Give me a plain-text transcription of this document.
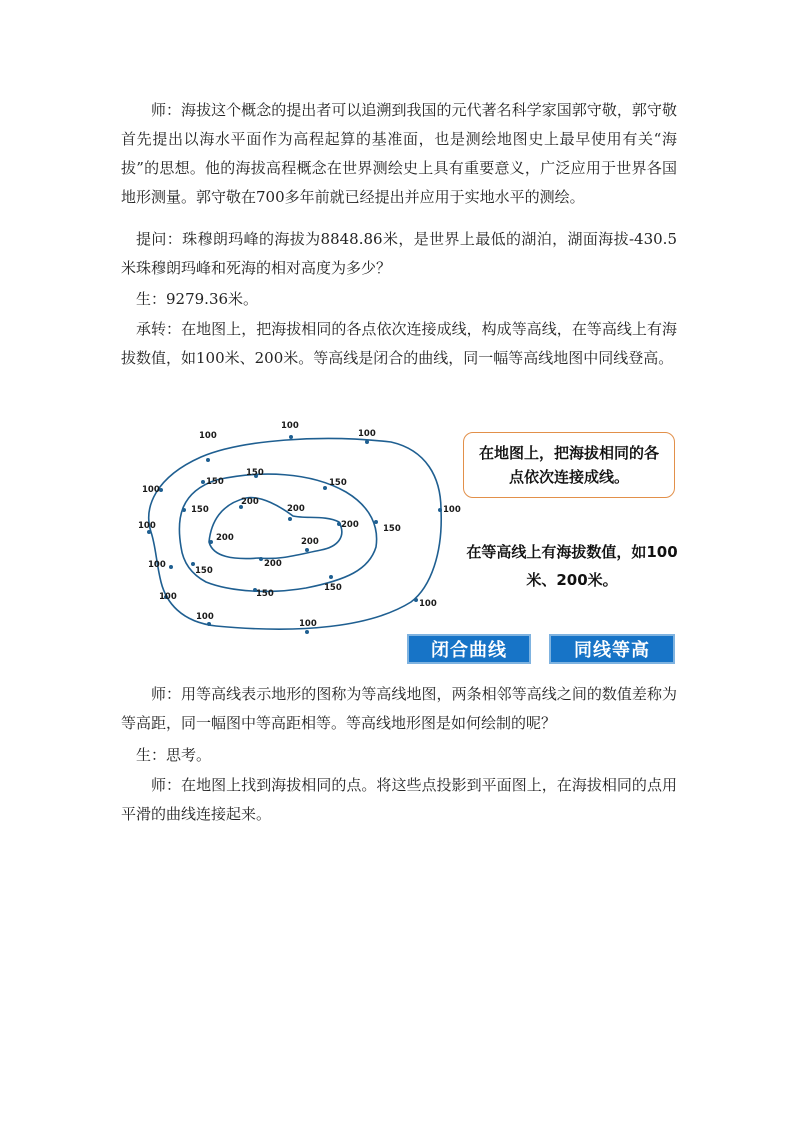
师：海拔这个概念的提出者可以追溯到我国的元代著名科学家国郭守敬，郭守敬首先提出以海水平面作为高程起算的基准面，也是测绘地图史上最早使用有关“海拔”的思想。他的海拔高程概念在世界测绘史上具有重要意义，广泛应用于世界各国地形测量。郭守敬在700多年前就已经提出并应用于实地水平的测绘。

提问：珠穆朗玛峰的海拔为8848.86米，是世界上最低的湖泊，湖面海拔-430.5米珠穆朗玛峰和死海的相对高度为多少？

生：9279.36米。

承转：在地图上，把海拔相同的各点依次连接成线，构成等高线，在等高线上有海拔数值，如100米、200米。等高线是闭合的曲线，同一幅等高线地图中同线登高。

100
100	100
100
100
100
100
100
100
100
100
150
150
150
150
150
150
150
150
200
200
200
200	200
200
在地图上，把海拔相同的各点依次连接成线。
在等高线上有海拔数值，如100米、200米。
闭合曲线	同线等高

师：用等高线表示地形的图称为等高线地图，两条相邻等高线之间的数值差称为等高距，同一幅图中等高距相等。等高线地形图是如何绘制的呢？

生：思考。

师：在地图上找到海拔相同的点。将这些点投影到平面图上，在海拔相同的点用平滑的曲线连接起来。
